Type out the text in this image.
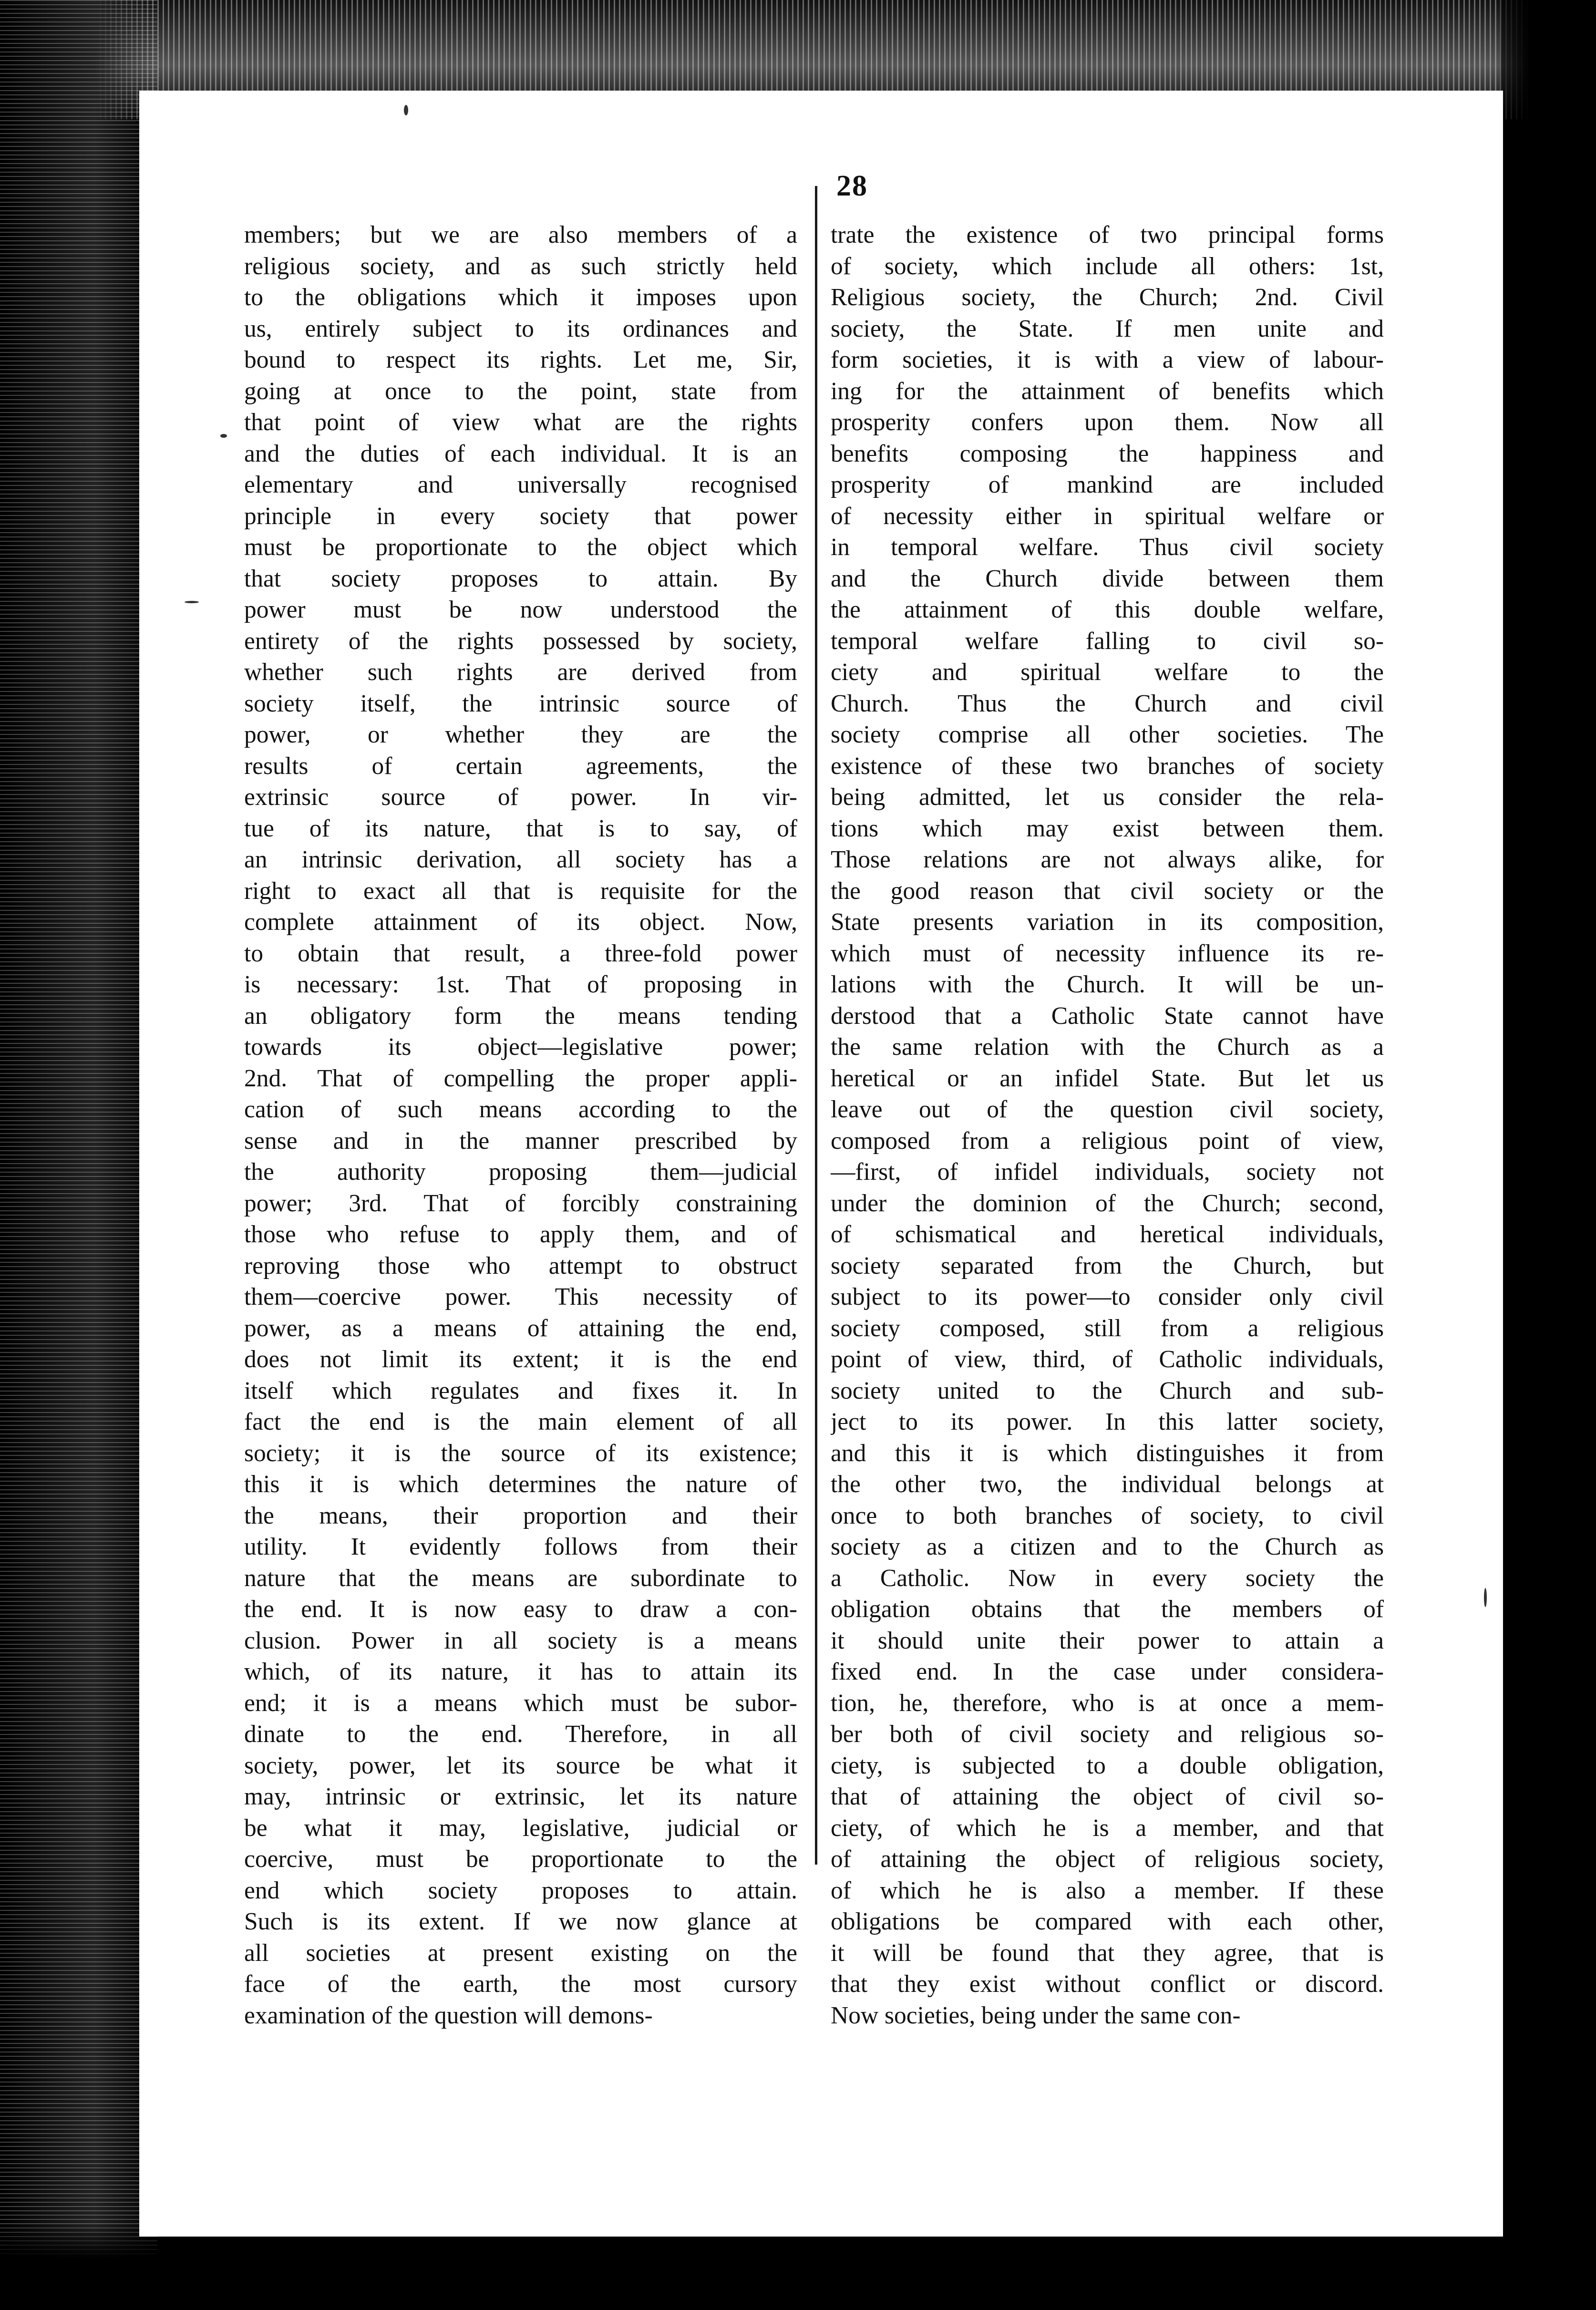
28
members; but we are also members of a
religious society, and as such strictly held
to the obligations which it imposes upon
us, entirely subject to its ordinances and
bound to respect its rights. Let me, Sir,
going at once to the point, state from
that point of view what are the rights
and the duties of each individual. It is an
elementary and universally recognised
principle in every society that power
must be proportionate to the object which
that society proposes to attain. By
power must be now understood the
entirety of the rights possessed by society,
whether such rights are derived from
society itself, the intrinsic source of
power, or whether they are the
results of certain agreements, the
extrinsic source of power. In vir-
tue of its nature, that is to say, of
an intrinsic derivation, all society has a
right to exact all that is requisite for the
complete attainment of its object. Now,
to obtain that result, a three-fold power
is necessary: 1st. That of proposing in
an obligatory form the means tending
towards its object—legislative power;
2nd. That of compelling the proper appli-
cation of such means according to the
sense and in the manner prescribed by
the authority proposing them—judicial
power; 3rd. That of forcibly constraining
those who refuse to apply them, and of
reproving those who attempt to obstruct
them—coercive power. This necessity of
power, as a means of attaining the end,
does not limit its extent; it is the end
itself which regulates and fixes it. In
fact the end is the main element of all
society; it is the source of its existence;
this it is which determines the nature of
the means, their proportion and their
utility. It evidently follows from their
nature that the means are subordinate to
the end. It is now easy to draw a con-
clusion. Power in all society is a means
which, of its nature, it has to attain its
end; it is a means which must be subor-
dinate to the end. Therefore, in all
society, power, let its source be what it
may, intrinsic or extrinsic, let its nature
be what it may, legislative, judicial or
coercive, must be proportionate to the
end which society proposes to attain.
Such is its extent. If we now glance at
all societies at present existing on the
face of the earth, the most cursory
examination of the question will demons-
trate the existence of two principal forms
of society, which include all others: 1st,
Religious society, the Church; 2nd. Civil
society, the State. If men unite and
form societies, it is with a view of labour-
ing for the attainment of benefits which
prosperity confers upon them. Now all
benefits composing the happiness and
prosperity of mankind are included
of necessity either in spiritual welfare or
in temporal welfare. Thus civil society
and the Church divide between them
the attainment of this double welfare,
temporal welfare falling to civil so-
ciety and spiritual welfare to the
Church. Thus the Church and civil
society comprise all other societies. The
existence of these two branches of society
being admitted, let us consider the rela-
tions which may exist between them.
Those relations are not always alike, for
the good reason that civil society or the
State presents variation in its composition,
which must of necessity influence its re-
lations with the Church. It will be un-
derstood that a Catholic State cannot have
the same relation with the Church as a
heretical or an infidel State. But let us
leave out of the question civil society,
composed from a religious point of view,
—first, of infidel individuals, society not
under the dominion of the Church; second,
of schismatical and heretical individuals,
society separated from the Church, but
subject to its power—to consider only civil
society composed, still from a religious
point of view, third, of Catholic individuals,
society united to the Church and sub-
ject to its power. In this latter society,
and this it is which distinguishes it from
the other two, the individual belongs at
once to both branches of society, to civil
society as a citizen and to the Church as
a Catholic. Now in every society the
obligation obtains that the members of
it should unite their power to attain a
fixed end. In the case under considera-
tion, he, therefore, who is at once a mem-
ber both of civil society and religious so-
ciety, is subjected to a double obligation,
that of attaining the object of civil so-
ciety, of which he is a member, and that
of attaining the object of religious society,
of which he is also a member. If these
obligations be compared with each other,
it will be found that they agree, that is
that they exist without conflict or discord.
Now societies, being under the same con-
